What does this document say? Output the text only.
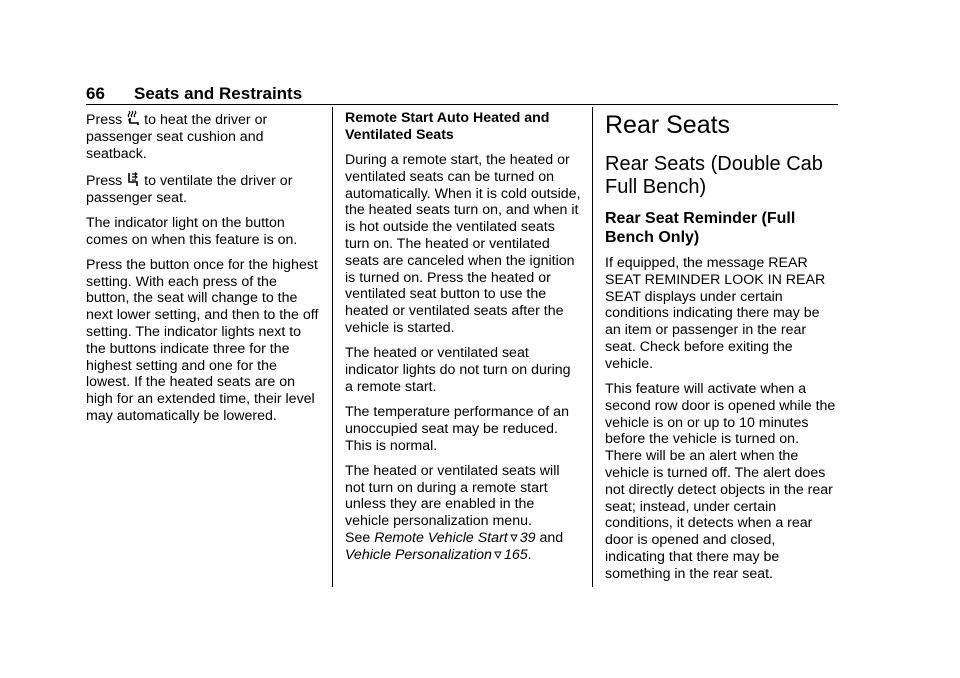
66 Seats and Restraints

Press to heat the driver or passenger seat cushion and seatback.

Press to ventilate the driver or passenger seat.

The indicator light on the button comes on when this feature is on.

Press the button once for the highest setting. With each press of the button, the seat will change to the next lower setting, and then to the off setting. The indicator lights next to the buttons indicate three for the highest setting and one for the lowest. If the heated seats are on high for an extended time, their level may automatically be lowered.

Remote Start Auto Heated and Ventilated Seats

During a remote start, the heated or ventilated seats can be turned on automatically. When it is cold outside, the heated seats turn on, and when it is hot outside the ventilated seats turn on. The heated or ventilated seats are canceled when the ignition is turned on. Press the heated or ventilated seat button to use the heated or ventilated seats after the vehicle is started.

The heated or ventilated seat indicator lights do not turn on during a remote start.

The temperature performance of an unoccupied seat may be reduced. This is normal.

The heated or ventilated seats will not turn on during a remote start unless they are enabled in the vehicle personalization menu.
See Remote Vehicle Start 39 and Vehicle Personalization 165.

Rear Seats
Rear Seats (Double Cab Full Bench)
Rear Seat Reminder (Full Bench Only)

If equipped, the message REAR SEAT REMINDER LOOK IN REAR SEAT displays under certain conditions indicating there may be an item or passenger in the rear seat. Check before exiting the vehicle.

This feature will activate when a second row door is opened while the vehicle is on or up to 10 minutes before the vehicle is turned on. There will be an alert when the vehicle is turned off. The alert does not directly detect objects in the rear seat; instead, under certain conditions, it detects when a rear door is opened and closed, indicating that there may be something in the rear seat.
